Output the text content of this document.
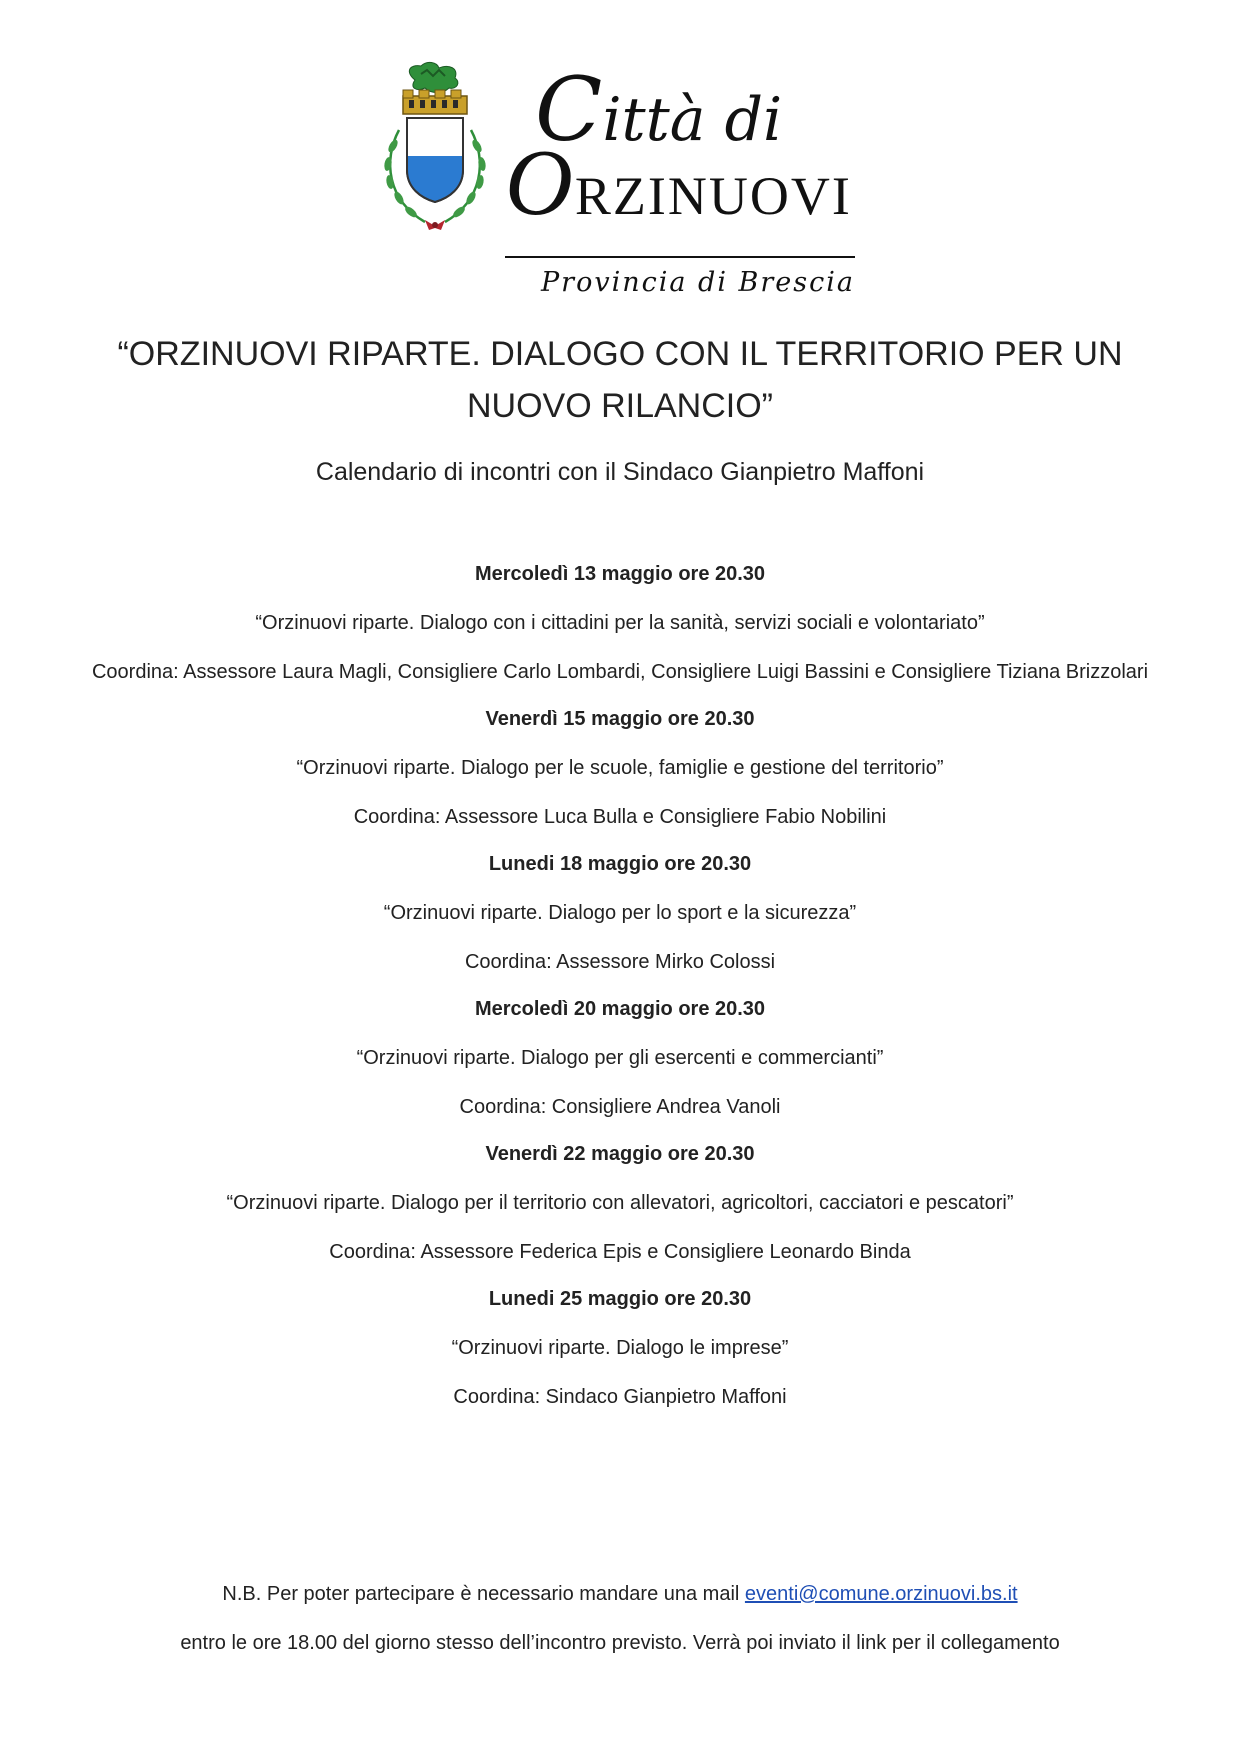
Città di
ORZINUOVI
Provincia di Brescia
“ORZINUOVI RIPARTE. DIALOGO CON IL TERRITORIO PER UN NUOVO RILANCIO”
Calendario di incontri con il Sindaco Gianpietro Maffoni

Mercoledì 13 maggio ore 20.30

“Orzinuovi riparte. Dialogo con i cittadini per la sanità, servizi sociali e volontariato”

Coordina: Assessore Laura Magli, Consigliere Carlo Lombardi, Consigliere Luigi Bassini e Consigliere Tiziana Brizzolari

Venerdì 15 maggio ore 20.30

“Orzinuovi riparte. Dialogo per le scuole, famiglie e gestione del territorio”

Coordina: Assessore Luca Bulla e Consigliere Fabio Nobilini

Lunedi 18 maggio ore 20.30

“Orzinuovi riparte. Dialogo per lo sport e la sicurezza”

Coordina: Assessore Mirko Colossi

Mercoledì 20 maggio ore 20.30

“Orzinuovi riparte. Dialogo per gli esercenti e commercianti”

Coordina: Consigliere Andrea Vanoli

Venerdì 22 maggio ore 20.30

“Orzinuovi riparte. Dialogo per il territorio con allevatori, agricoltori, cacciatori e pescatori”

Coordina: Assessore Federica Epis e Consigliere Leonardo Binda

Lunedi 25 maggio ore 20.30

“Orzinuovi riparte. Dialogo le imprese”

Coordina: Sindaco Gianpietro Maffoni

N.B. Per poter partecipare è necessario mandare una mail eventi@comune.orzinuovi.bs.it

entro le ore 18.00 del giorno stesso dell’incontro previsto. Verrà poi inviato il link per il collegamento
